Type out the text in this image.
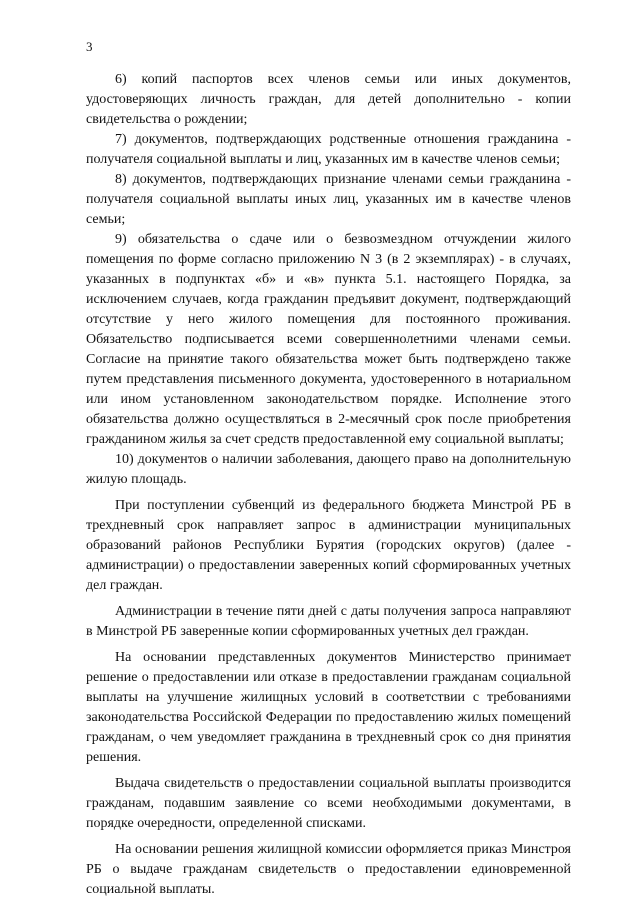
3

6) копий паспортов всех членов семьи или иных документов, удостоверяющих личность граждан, для детей дополнительно - копии свидетельства о рождении;

7) документов, подтверждающих родственные отношения гражданина - получателя социальной выплаты и лиц, указанных им в качестве членов семьи;

8) документов, подтверждающих признание членами семьи гражданина - получателя социальной выплаты иных лиц, указанных им в качестве членов семьи;

9) обязательства о сдаче или о безвозмездном отчуждении жилого помещения по форме согласно приложению N 3 (в 2 экземплярах) - в случаях, указанных в подпунктах «б» и «в» пункта 5.1. настоящего Порядка, за исключением случаев, когда гражданин предъявит документ, подтверждающий отсутствие у него жилого помещения для постоянного проживания. Обязательство подписывается всеми совершеннолетними членами семьи. Согласие на принятие такого обязательства может быть подтверждено также путем представления письменного документа, удостоверенного в нотариальном или ином установленном законодательством порядке. Исполнение этого обязательства должно осуществляться в 2-месячный срок после приобретения гражданином жилья за счет средств предоставленной ему социальной выплаты;

10) документов о наличии заболевания, дающего право на дополнительную жилую площадь.

При поступлении субвенций из федерального бюджета Минстрой РБ в трехдневный срок направляет запрос в администрации муниципальных образований районов Республики Бурятия (городских округов) (далее - администрации) о предоставлении заверенных копий сформированных учетных дел граждан.

Администрации в течение пяти дней с даты получения запроса направляют в Минстрой РБ заверенные копии сформированных учетных дел граждан.

На основании представленных документов Министерство принимает решение о предоставлении или отказе в предоставлении гражданам социальной выплаты на улучшение жилищных условий в соответствии с требованиями законодательства Российской Федерации по предоставлению жилых помещений гражданам, о чем уведомляет гражданина в трехдневный срок со дня принятия решения.

Выдача свидетельств о предоставлении социальной выплаты производится гражданам, подавшим заявление со всеми необходимыми документами, в порядке очередности, определенной списками.

На основании решения жилищной комиссии оформляется приказ Минстроя РБ о выдаче гражданам свидетельств о предоставлении единовременной социальной выплаты.
